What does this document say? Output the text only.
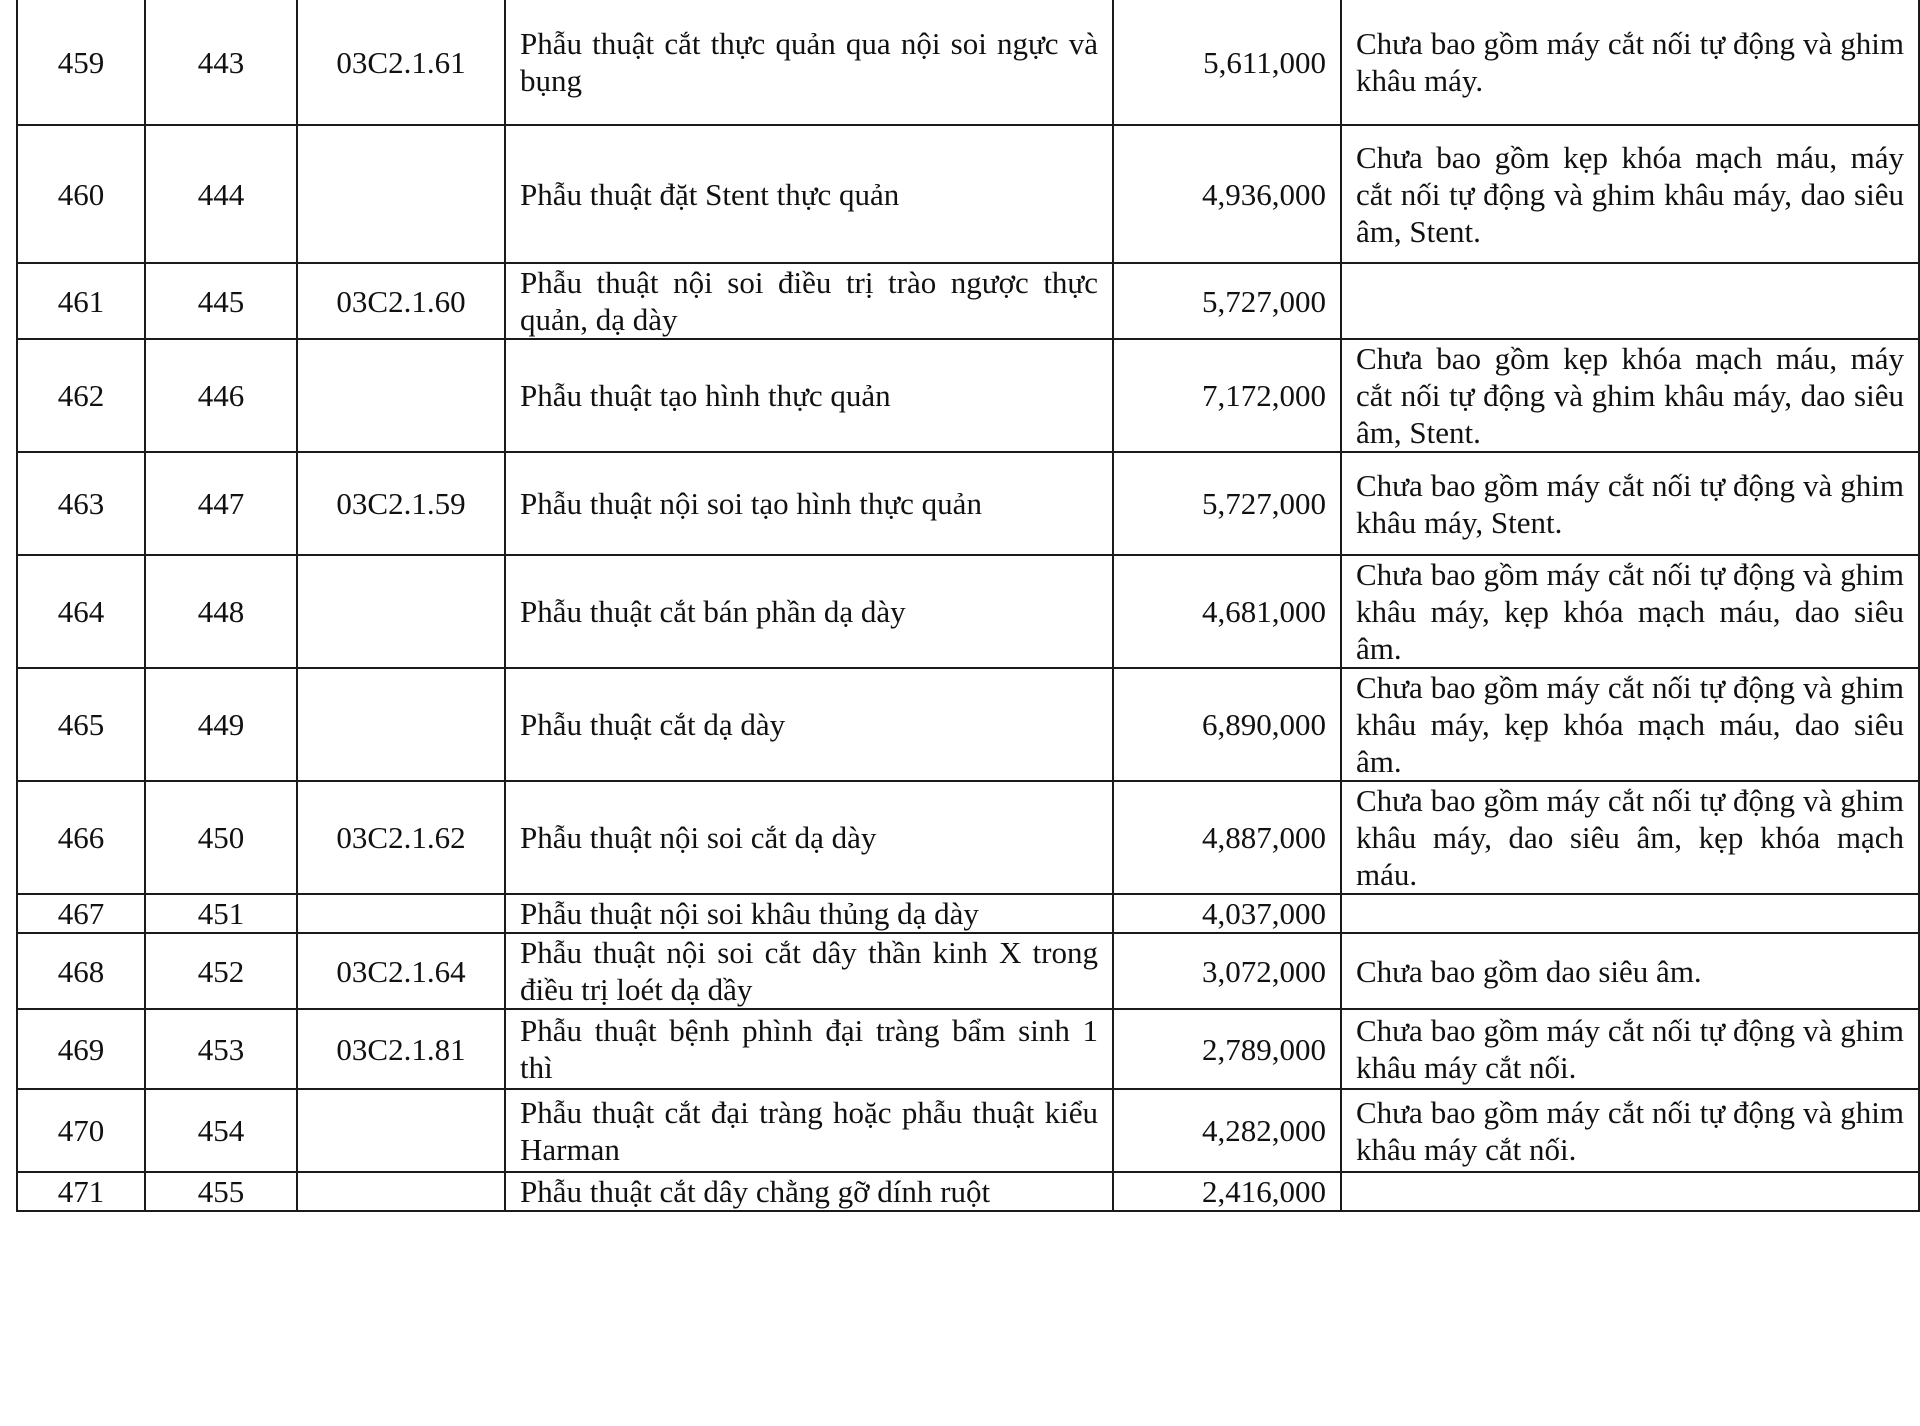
459	443	03C2.1.61	Phẫu thuật cắt thực quản qua nội soi ngực và bụng	5,611,000	Chưa bao gồm máy cắt nối tự động và ghim khâu máy.
460	444		Phẫu thuật đặt Stent thực quản	4,936,000	Chưa bao gồm kẹp khóa mạch máu, máy cắt nối tự động và ghim khâu máy, dao siêu âm, Stent.
461	445	03C2.1.60	Phẫu thuật nội soi điều trị trào ngược thực quản, dạ dày	5,727,000	
462	446		Phẫu thuật tạo hình thực quản	7,172,000	Chưa bao gồm kẹp khóa mạch máu, máy cắt nối tự động và ghim khâu máy, dao siêu âm, Stent.
463	447	03C2.1.59	Phẫu thuật nội soi tạo hình thực quản	5,727,000	Chưa bao gồm máy cắt nối tự động và ghim khâu máy, Stent.
464	448		Phẫu thuật cắt bán phần dạ dày	4,681,000	Chưa bao gồm máy cắt nối tự động và ghim khâu máy, kẹp khóa mạch máu, dao siêu âm.
465	449		Phẫu thuật cắt dạ dày	6,890,000	Chưa bao gồm máy cắt nối tự động và ghim khâu máy, kẹp khóa mạch máu, dao siêu âm.
466	450	03C2.1.62	Phẫu thuật nội soi cắt dạ dày	4,887,000	Chưa bao gồm máy cắt nối tự động và ghim khâu máy, dao siêu âm, kẹp khóa mạch máu.
467	451		Phẫu thuật nội soi khâu thủng dạ dày	4,037,000	
468	452	03C2.1.64	Phẫu thuật nội soi cắt dây thần kinh X trong điều trị loét dạ dầy	3,072,000	Chưa bao gồm dao siêu âm.
469	453	03C2.1.81	Phẫu thuật bệnh phình đại tràng bẩm sinh 1 thì	2,789,000	Chưa bao gồm máy cắt nối tự động và ghim khâu máy cắt nối.
470	454		Phẫu thuật cắt đại tràng hoặc phẫu thuật kiểu Harman	4,282,000	Chưa bao gồm máy cắt nối tự động và ghim khâu máy cắt nối.
471	455		Phẫu thuật cắt dây chằng gỡ dính ruột	2,416,000	
